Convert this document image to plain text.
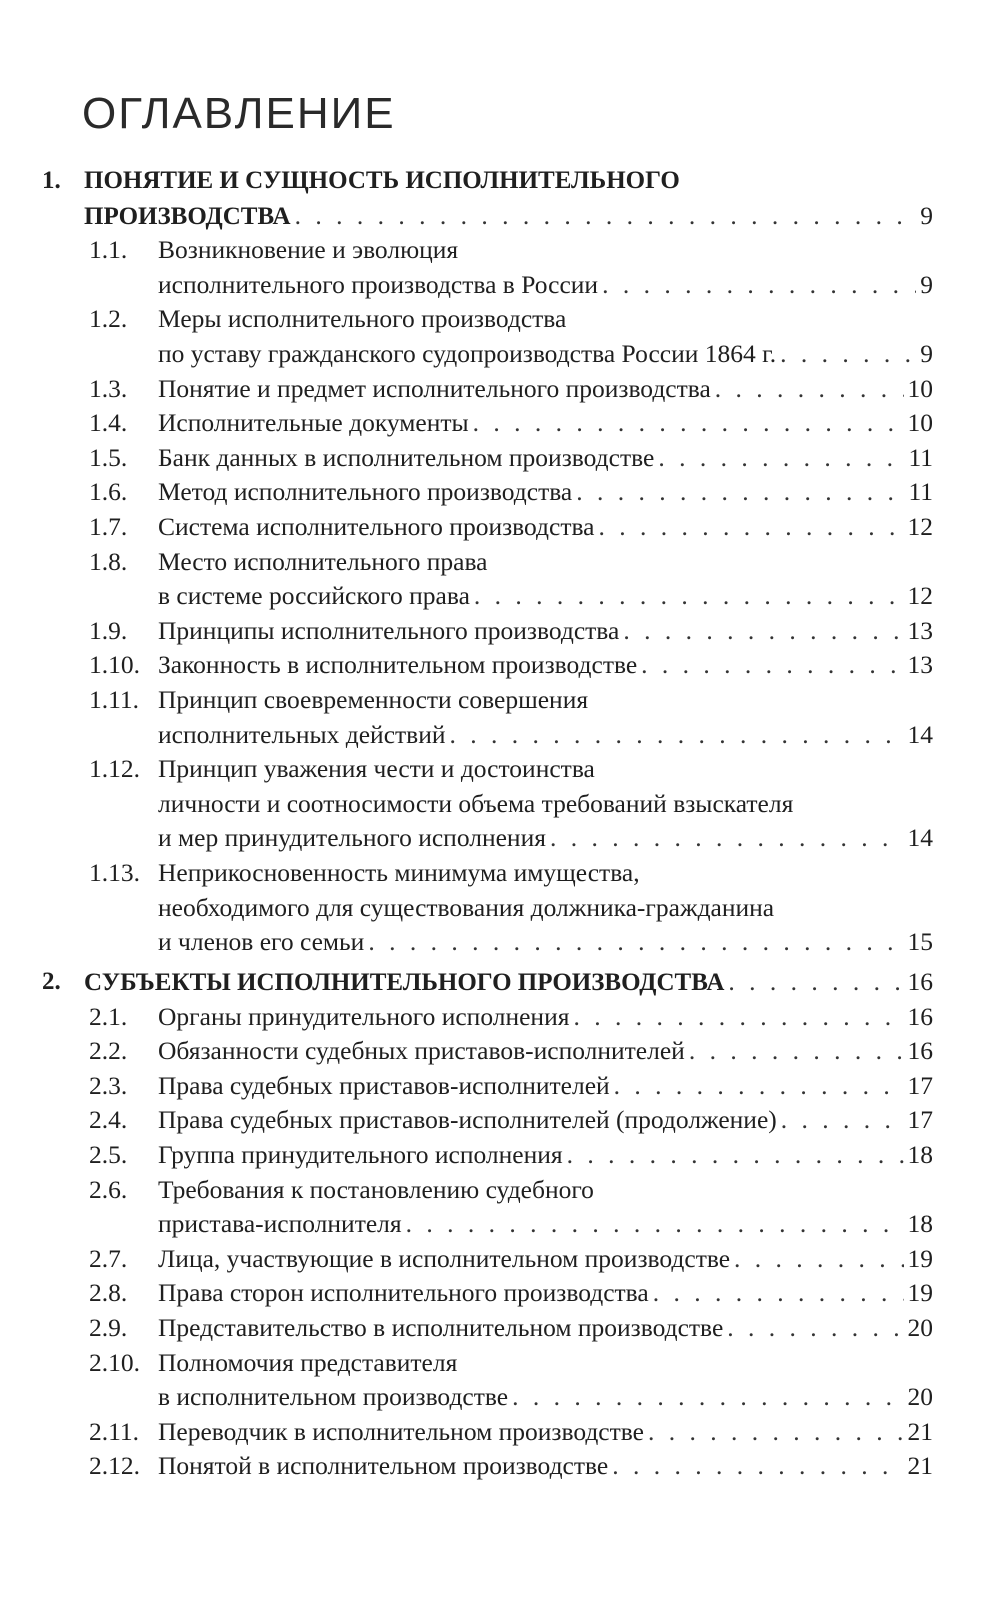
ОГЛАВЛЕНИЕ
1. ПОНЯТИЕ И СУЩНОСТЬ ИСПОЛНИТЕЛЬНОГО
ПРОИЗВОДСТВА . . .	9
1.1. Возникновение и эволюция
исполнительного производства в России . . .	9
1.2. Меры исполнительного производства
по уставу гражданского судопроизводства России 1864 г. . . .	9
1.3. Понятие и предмет исполнительного производства . . .	10
1.4. Исполнительные документы . . .	10
1.5. Банк данных в исполнительном производстве . . .	11
1.6. Метод исполнительного производства . . .	11
1.7. Система исполнительного производства . . .	12
1.8. Место исполнительного права
в системе российского права . . .	12
1.9. Принципы исполнительного производства . . .	13
1.10. Законность в исполнительном производстве . . .	13
1.11. Принцип своевременности совершения
исполнительных действий . . .	14
1.12. Принцип уважения чести и достоинства
личности и соотносимости объема требований взыскателя
и мер принудительного исполнения . . .	14
1.13. Неприкосновенность минимума имущества,
необходимого для существования должника-гражданина
и членов его семьи . . .	15
2. СУБЪЕКТЫ ИСПОЛНИТЕЛЬНОГО ПРОИЗВОДСТВА . . .	16
2.1. Органы принудительного исполнения . . .	16
2.2. Обязанности судебных приставов-исполнителей . . .	16
2.3. Права судебных приставов-исполнителей . . .	17
2.4. Права судебных приставов-исполнителей (продолжение) . . .	17
2.5. Группа принудительного исполнения . . .	18
2.6. Требования к постановлению судебного
пристава-исполнителя . . .	18
2.7. Лица, участвующие в исполнительном производстве . . .	19
2.8. Права сторон исполнительного производства . . .	19
2.9. Представительство в исполнительном производстве . . .	20
2.10. Полномочия представителя
в исполнительном производстве . . .	20
2.11. Переводчик в исполнительном производстве . . .	21
2.12. Понятой в исполнительном производстве . . .	21
